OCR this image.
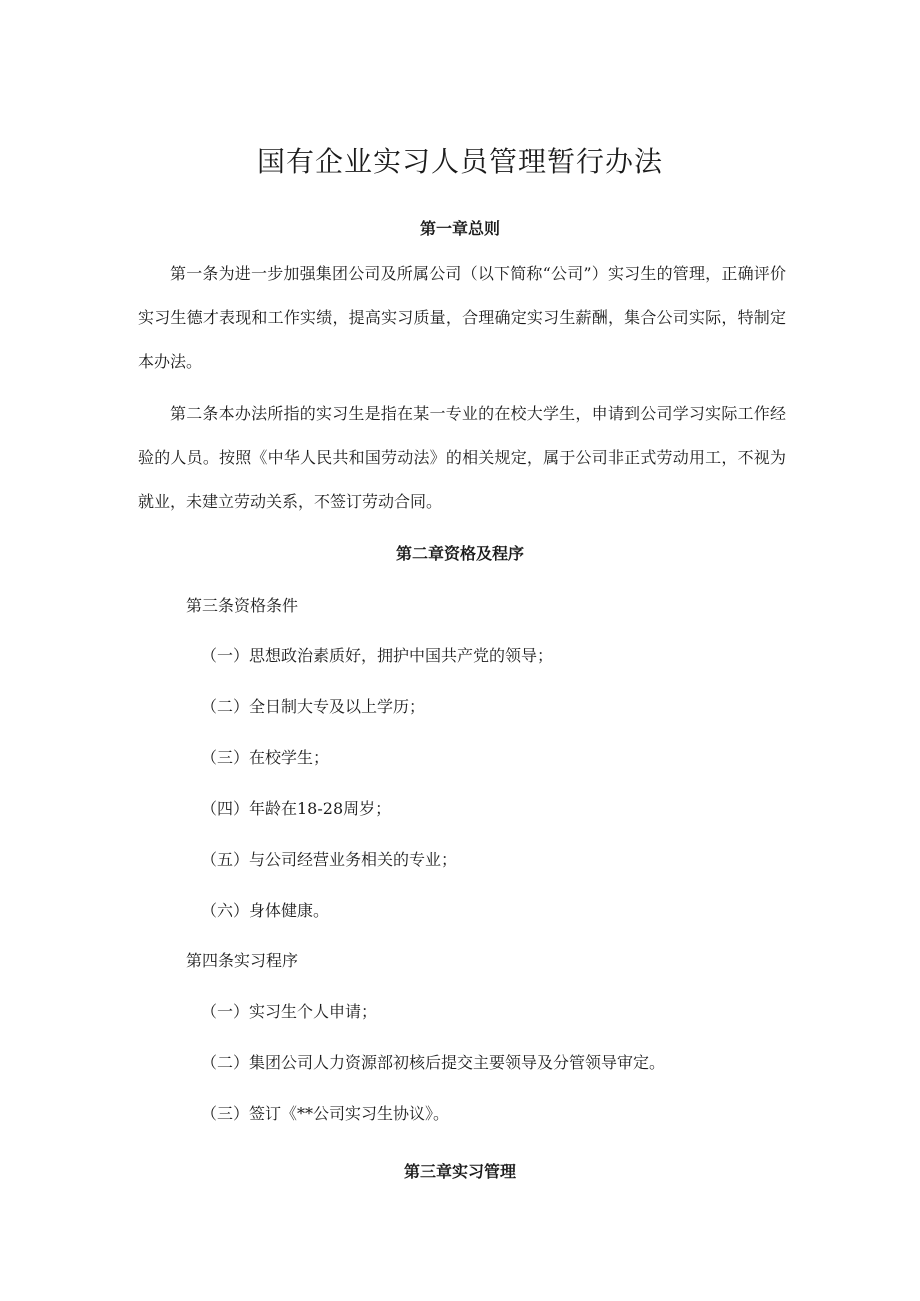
国有企业实习人员管理暂行办法
第一章总则

第一条为进一步加强集团公司及所属公司（以下简称“公司”）实习生的管理，正确评价实习生德才表现和工作实绩，提高实习质量，合理确定实习生薪酬，集合公司实际，特制定本办法。

第二条本办法所指的实习生是指在某一专业的在校大学生，申请到公司学习实际工作经验的人员。按照《中华人民共和国劳动法》的相关规定，属于公司非正式劳动用工，不视为就业，未建立劳动关系，不签订劳动合同。

第二章资格及程序

第三条资格条件

（一）思想政治素质好，拥护中国共产党的领导；

（二）全日制大专及以上学历；

（三）在校学生；

（四）年龄在18-28周岁；

（五）与公司经营业务相关的专业；

（六）身体健康。

第四条实习程序

（一）实习生个人申请；

（二）集团公司人力资源部初核后提交主要领导及分管领导审定。

（三）签订《**公司实习生协议》。

第三章实习管理
